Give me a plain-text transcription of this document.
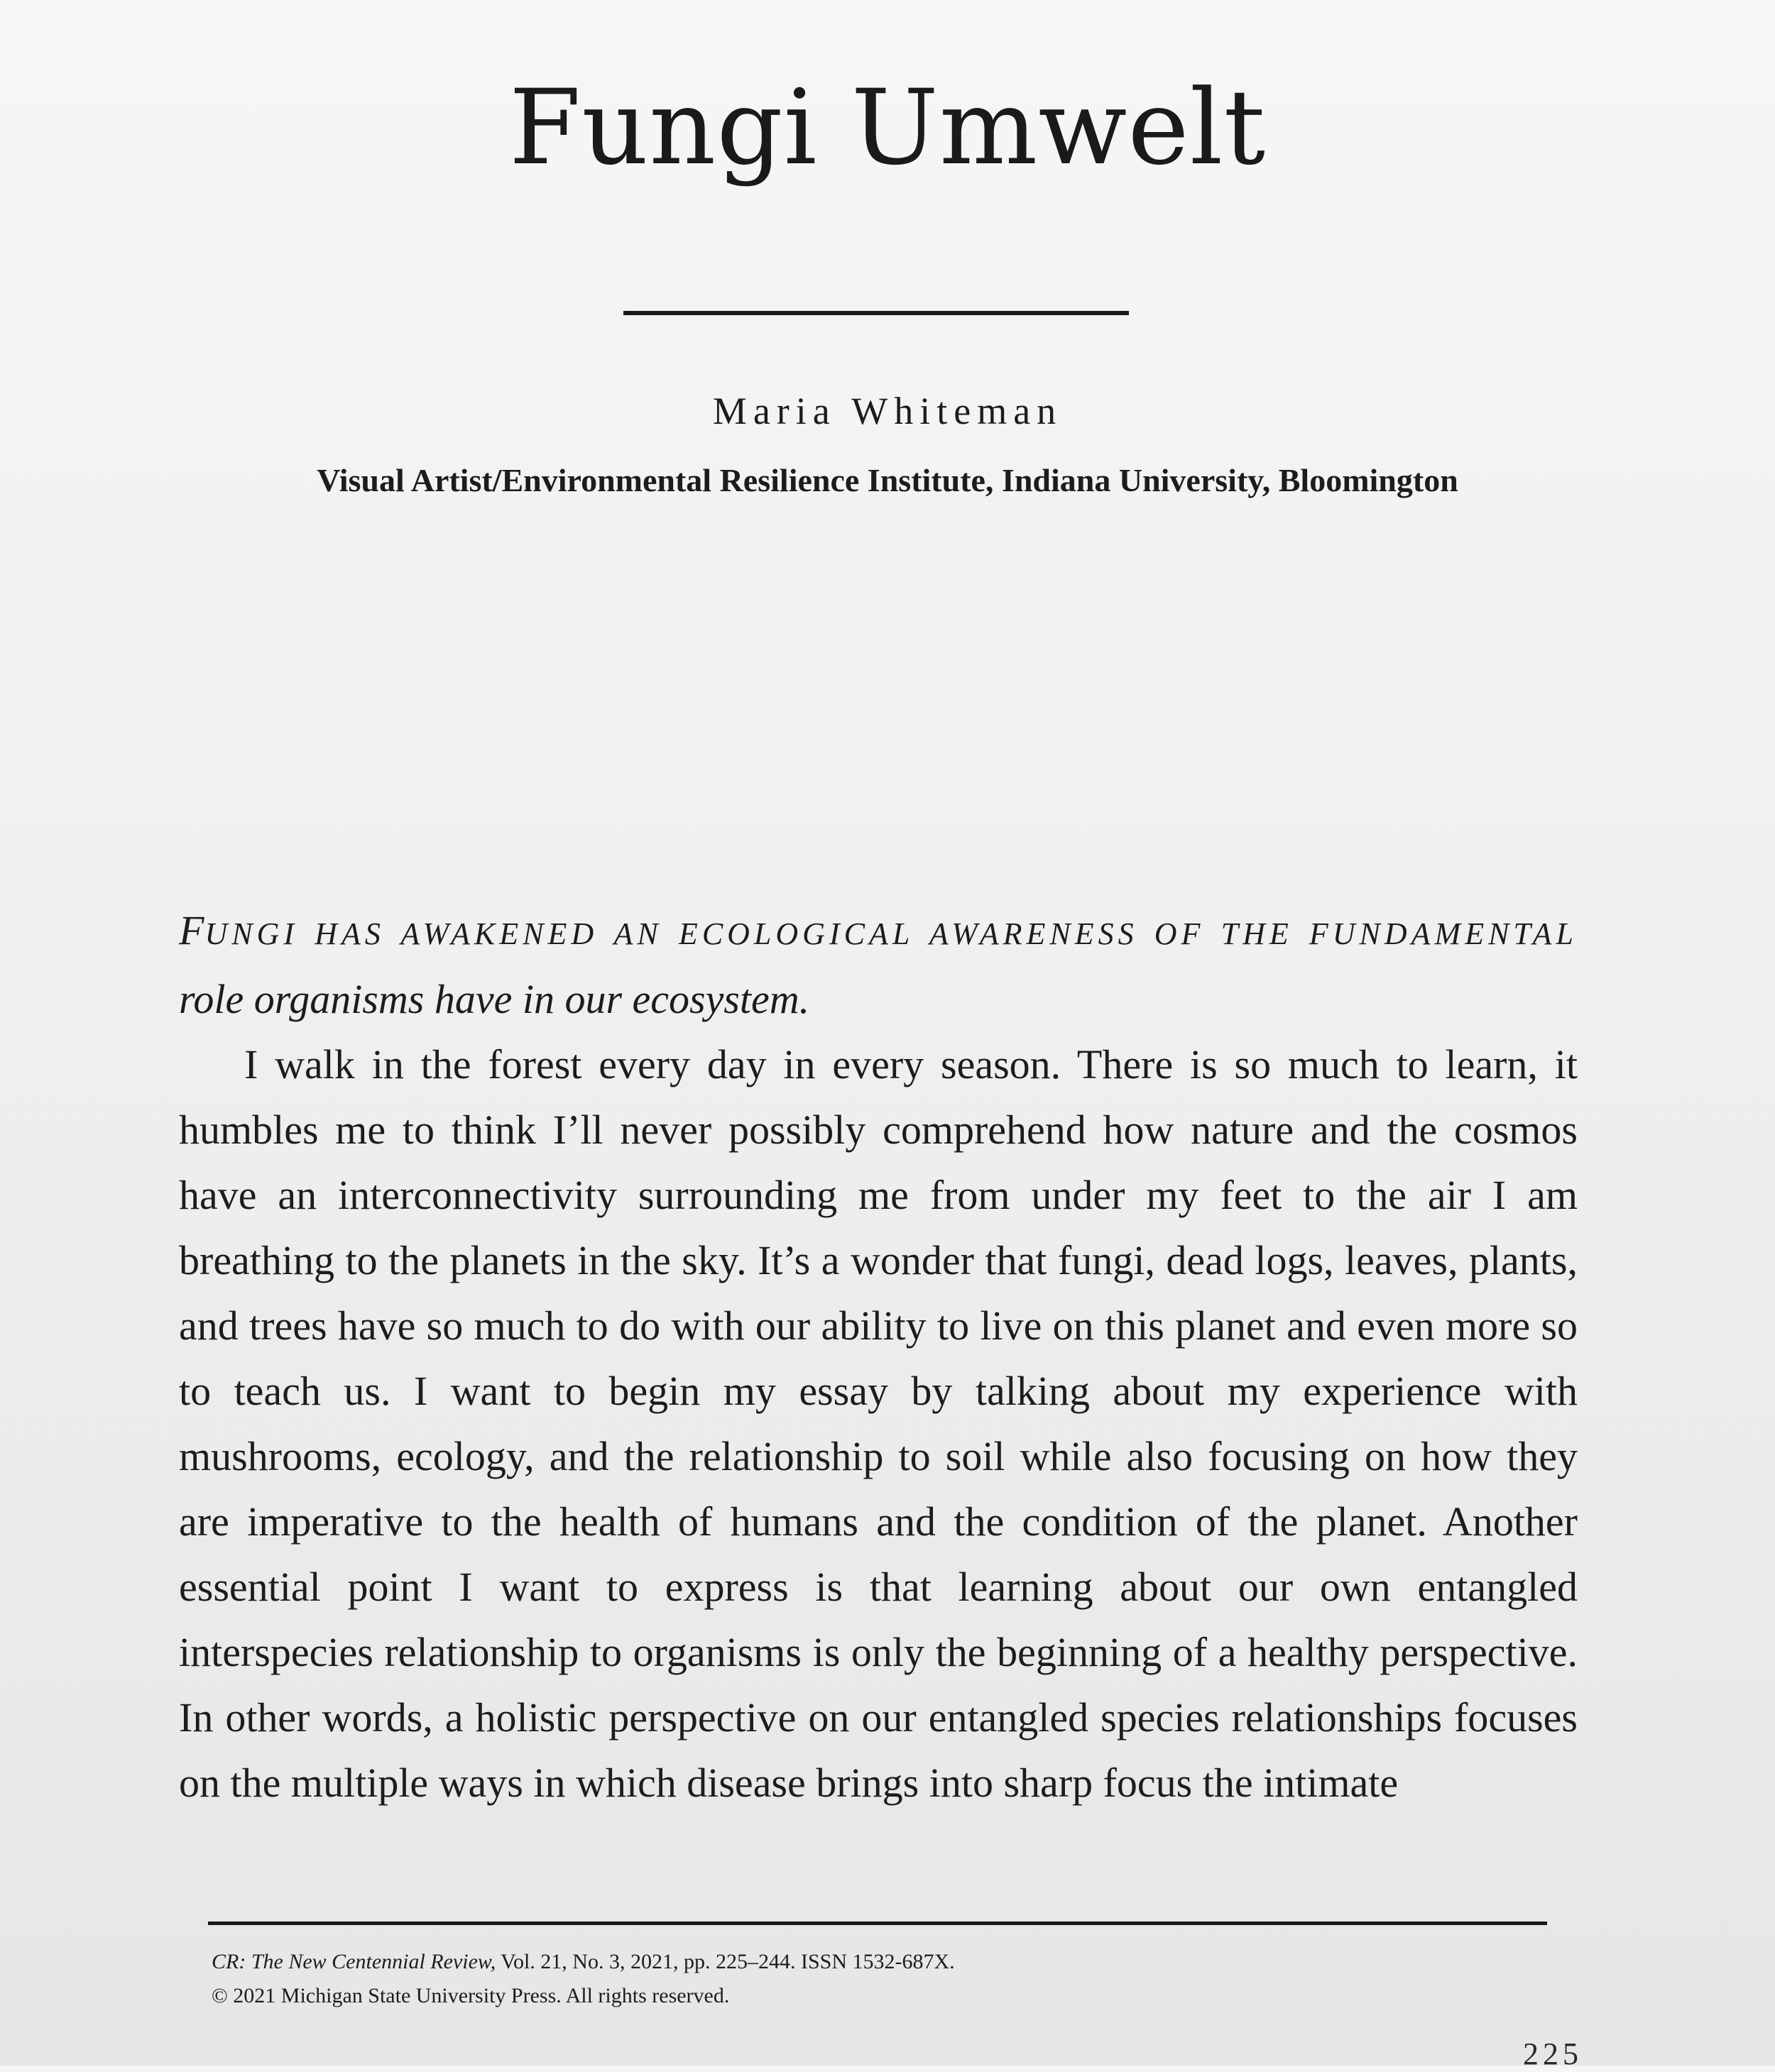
Fungi Umwelt
Maria Whiteman
Visual Artist/Environmental Resilience Institute, Indiana University, Bloomington

FUNGI HAS AWAKENED AN ECOLOGICAL AWARENESS OF THE FUNDAMENTAL role organisms have in our ecosystem.

I walk in the forest every day in every season. There is so much to learn, it humbles me to think I’ll never possibly comprehend how nature and the cosmos have an interconnectivity surrounding me from under my feet to the air I am breathing to the planets in the sky. It’s a wonder that fungi, dead logs, leaves, plants, and trees have so much to do with our ability to live on this planet and even more so to teach us. I want to begin my essay by talking about my experience with mushrooms, ecology, and the relationship to soil while also focusing on how they are imperative to the health of humans and the condition of the planet. Another essential point I want to express is that learning about our own entangled interspecies relationship to organisms is only the beginning of a healthy perspective. In other words, a holistic perspective on our entangled species relationships focuses on the multiple ways in which disease brings into sharp focus the intimate

CR: The New Centennial Review, Vol. 21, No. 3, 2021, pp. 225–244. ISSN 1532-687X.
© 2021 Michigan State University Press. All rights reserved.
225
